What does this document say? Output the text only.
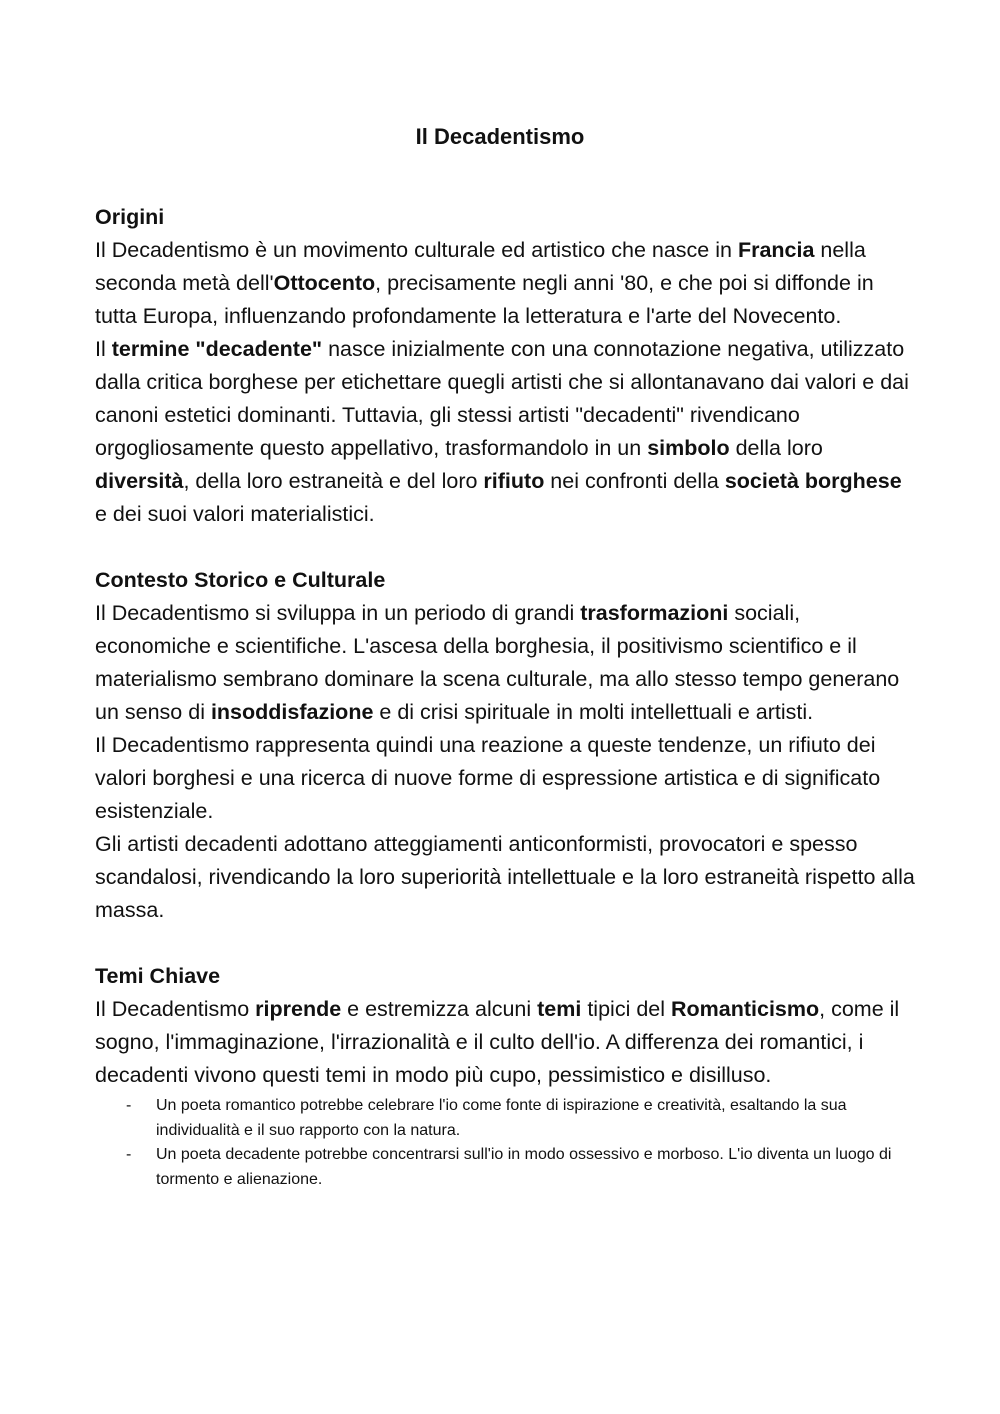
Il Decadentismo

Origini

Il Decadentismo è un movimento culturale ed artistico che nasce in Francia nella seconda metà dell'Ottocento, precisamente negli anni '80, e che poi si diffonde in tutta Europa, influenzando profondamente la letteratura e l'arte del Novecento.

Il termine "decadente" nasce inizialmente con una connotazione negativa, utilizzato dalla critica borghese per etichettare quegli artisti che si allontanavano dai valori e dai canoni estetici dominanti. Tuttavia, gli stessi artisti "decadenti" rivendicano orgogliosamente questo appellativo, trasformandolo in un simbolo della loro diversità, della loro estraneità e del loro rifiuto nei confronti della società borghese e dei suoi valori materialistici.

Contesto Storico e Culturale

Il Decadentismo si sviluppa in un periodo di grandi trasformazioni sociali, economiche e scientifiche. L'ascesa della borghesia, il positivismo scientifico e il materialismo sembrano dominare la scena culturale, ma allo stesso tempo generano un senso di insoddisfazione e di crisi spirituale in molti intellettuali e artisti.

Il Decadentismo rappresenta quindi una reazione a queste tendenze, un rifiuto dei valori borghesi e una ricerca di nuove forme di espressione artistica e di significato esistenziale.

Gli artisti decadenti adottano atteggiamenti anticonformisti, provocatori e spesso scandalosi, rivendicando la loro superiorità intellettuale e la loro estraneità rispetto alla massa.

Temi Chiave

Il Decadentismo riprende e estremizza alcuni temi tipici del Romanticismo, come il sogno, l'immaginazione, l'irrazionalità e il culto dell'io. A differenza dei romantici, i decadenti vivono questi temi in modo più cupo, pessimistico e disilluso.

- Un poeta romantico potrebbe celebrare l'io come fonte di ispirazione e creatività, esaltando la sua individualità e il suo rapporto con la natura.
- Un poeta decadente potrebbe concentrarsi sull'io in modo ossessivo e morboso. L'io diventa un luogo di tormento e alienazione.
